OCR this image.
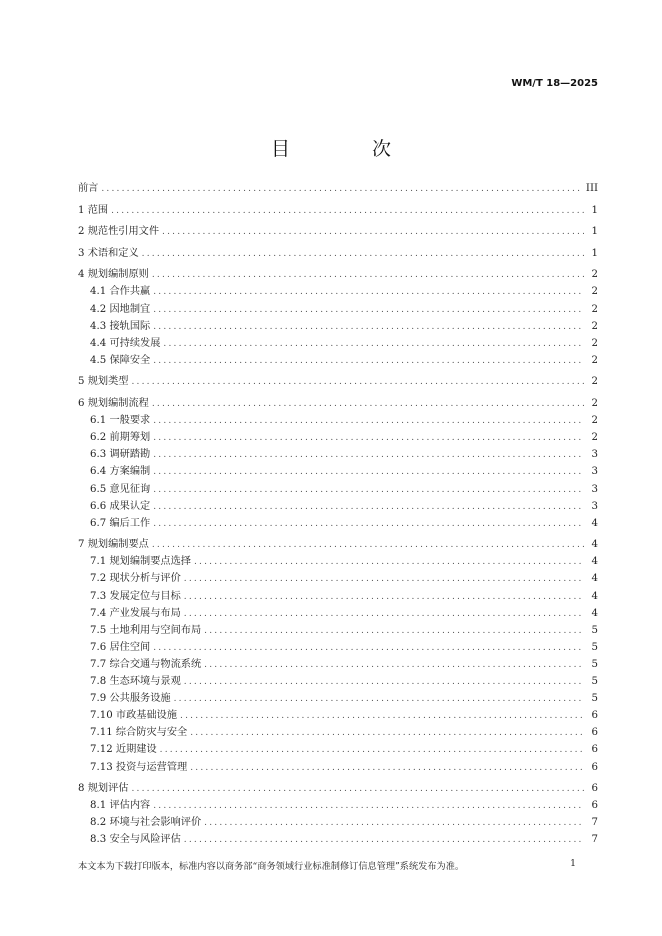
WM/T 18—2025
目 次
前言 .....	III
1 范围 .....	1
2 规范性引用文件 .....	1
3 术语和定义 .....	1
4 规划编制原则 .....	2
4.1 合作共赢 .....	2
4.2 因地制宜 .....	2
4.3 接轨国际 .....	2
4.4 可持续发展 .....	2
4.5 保障安全 .....	2
5 规划类型 .....	2
6 规划编制流程 .....	2
6.1 一般要求 .....	2
6.2 前期筹划 .....	2
6.3 调研踏勘 .....	3
6.4 方案编制 .....	3
6.5 意见征询 .....	3
6.6 成果认定 .....	3
6.7 编后工作 .....	4
7 规划编制要点 .....	4
7.1 规划编制要点选择 .....	4
7.2 现状分析与评价 .....	4
7.3 发展定位与目标 .....	4
7.4 产业发展与布局 .....	4
7.5 土地利用与空间布局 .....	5
7.6 居住空间 .....	5
7.7 综合交通与物流系统 .....	5
7.8 生态环境与景观 .....	5
7.9 公共服务设施 .....	5
7.10 市政基础设施 .....	6
7.11 综合防灾与安全 .....	6
7.12 近期建设 .....	6
7.13 投资与运营管理 .....	6
8 规划评估 .....	6
8.1 评估内容 .....	6
8.2 环境与社会影响评价 .....	7
8.3 安全与风险评估 .....	7
本文本为下载打印版本，标准内容以商务部“商务领域行业标准制修订信息管理”系统发布为准。	1
